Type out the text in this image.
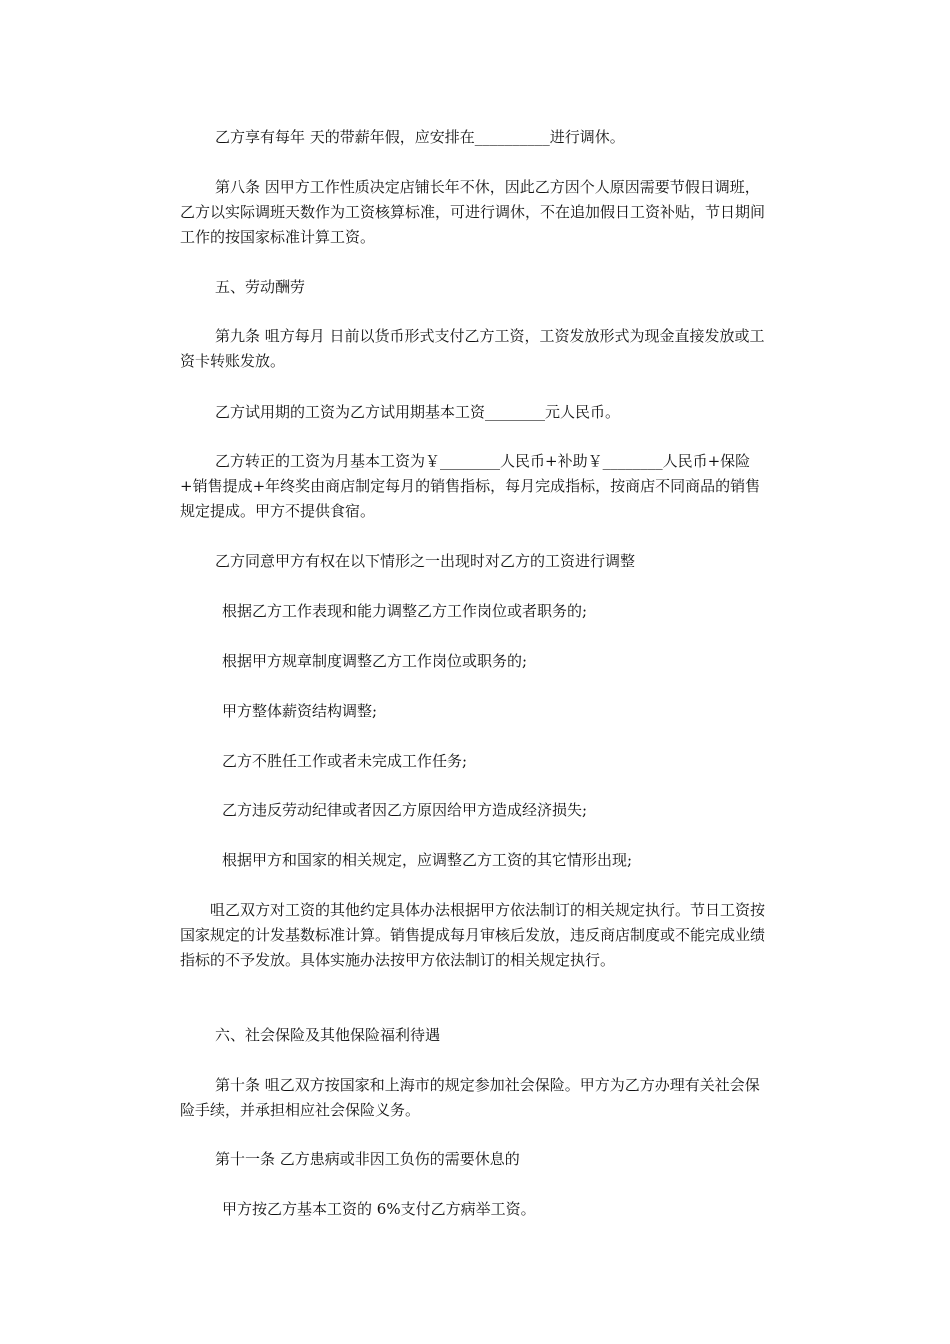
乙方享有每年 天的带薪年假，应安排在__________进行调休。

第八条 因甲方工作性质决定店铺长年不休，因此乙方因个人原因需要节假日调班，乙方以实际调班天数作为工资核算标准，可进行调休，不在追加假日工资补贴，节日期间工作的按国家标准计算工资。

五、劳动酬劳

第九条 咀方每月 日前以货币形式支付乙方工资，工资发放形式为现金直接发放或工资卡转账发放。

乙方试用期的工资为乙方试用期基本工资________元人民币。

乙方转正的工资为月基本工资为￥________人民币+补助￥________人民币+保险+销售提成+年终奖由商店制定每月的销售指标，每月完成指标，按商店不同商品的销售规定提成。甲方不提供食宿。

乙方同意甲方有权在以下情形之一出现时对乙方的工资进行调整

根据乙方工作表现和能力调整乙方工作岗位或者职务的;

根据甲方规章制度调整乙方工作岗位或职务的;

甲方整体薪资结构调整;

乙方不胜任工作或者未完成工作任务;

乙方违反劳动纪律或者因乙方原因给甲方造成经济损失;

根据甲方和国家的相关规定，应调整乙方工资的其它情形出现;

咀乙双方对工资的其他约定具体办法根据甲方依法制订的相关规定执行。节日工资按国家规定的计发基数标准计算。销售提成每月审核后发放，违反商店制度或不能完成业绩指标的不予发放。具体实施办法按甲方依法制订的相关规定执行。

六、社会保险及其他保险福利待遇

第十条 咀乙双方按国家和上海市的规定参加社会保险。甲方为乙方办理有关社会保险手续，并承担相应社会保险义务。

第十一条 乙方患病或非因工负伤的需要休息的

甲方按乙方基本工资的 6%支付乙方病举工资。
